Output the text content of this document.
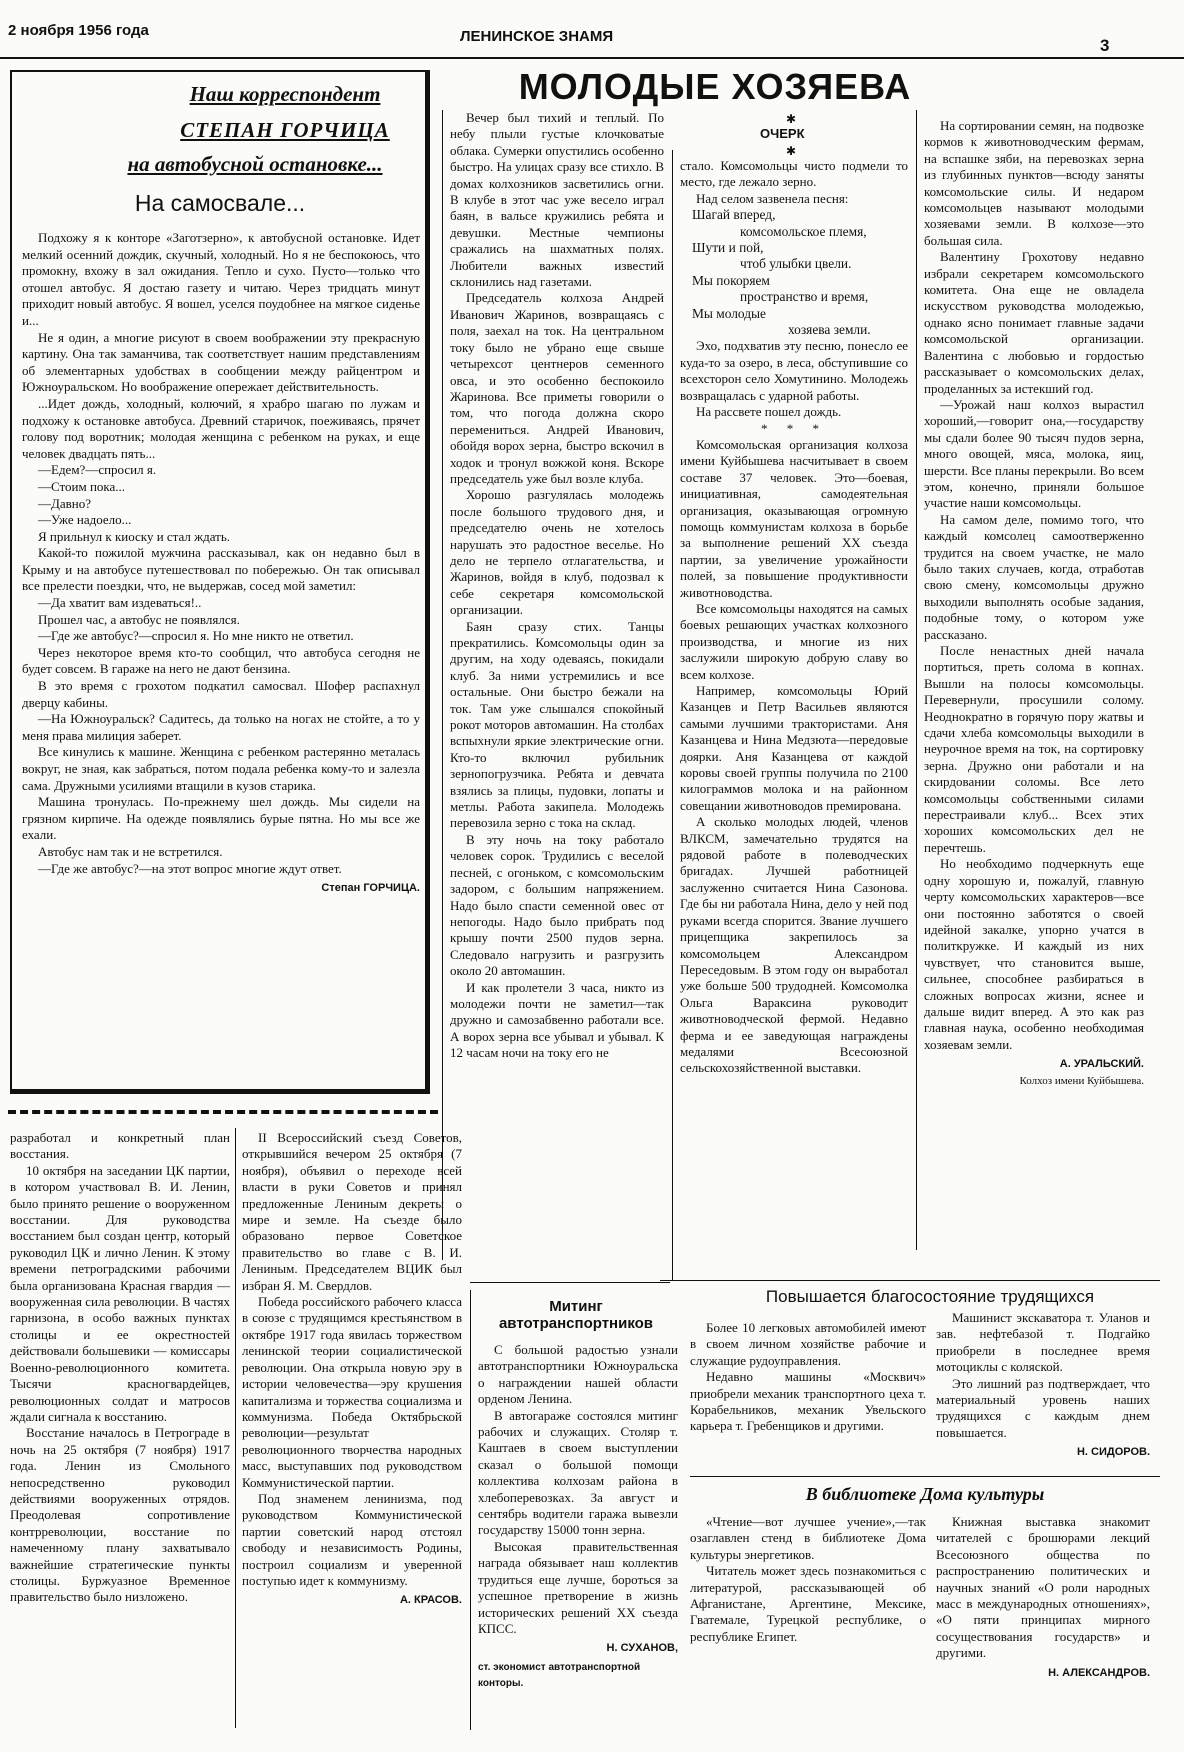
2 ноября 1956 года	ЛЕНИНСКОЕ ЗНАМЯ	3
Наш корреспондент
СТЕПАН ГОРЧИЦА
на автобусной остановке...
На самосвале...

Подхожу я к конторе «Заготзерно», к автобусной остановке. Идет мелкий осенний дождик, скучный, холодный. Но я не беспокоюсь, что промокну, вхожу в зал ожидания. Тепло и сухо. Пусто—только что отошел автобус. Я достаю газету и читаю. Через тридцать минут приходит новый автобус. Я вошел, уселся поудобнее на мягкое сиденье и...

Не я один, а многие рисуют в своем воображении эту прекрасную картину. Она так заманчива, так соответствует нашим представлениям об элементарных удобствах в сообщении между райцентром и Южноуральском. Но воображение опережает действительность.

...Идет дождь, холодный, колючий, я храбро шагаю по лужам и подхожу к остановке автобуса. Древний старичок, поеживаясь, прячет голову под воротник; молодая женщина с ребенком на руках, и еще человек двадцать пять...

—Едем?—спросил я.

—Стоим пока...

—Давно?

—Уже надоело...

Я прильнул к киоску и стал ждать.

Какой-то пожилой мужчина рассказывал, как он недавно был в Крыму и на автобусе путешествовал по побережью. Он так описывал все прелести поездки, что, не выдержав, сосед мой заметил:

—Да хватит вам издеваться!..

Прошел час, а автобус не появлялся.

—Где же автобус?—спросил я. Но мне никто не ответил.

Через некоторое время кто-то сообщил, что автобуса сегодня не будет совсем. В гараже на него не дают бензина.

В это время с грохотом подкатил самосвал. Шофер распахнул дверцу кабины.

—На Южноуральск? Садитесь, да только на ногах не стойте, а то у меня права милиция заберет.

Все кинулись к машине. Женщина с ребенком растерянно металась вокруг, не зная, как забраться, потом подала ребенка кому-то и залезла сама. Дружными усилиями втащили в кузов старика.

Машина тронулась. По-прежнему шел дождь. Мы сидели на грязном кирпиче. На одежде появлялись бурые пятна. Но мы все же ехали.

Автобус нам так и не встретился.

—Где же автобус?—на этот вопрос многие ждут ответ.

Степан ГОРЧИЦА.
МОЛОДЫЕ ХОЗЯЕВА
ОЧЕРК
✱
✱

Вечер был тихий и теплый. По небу плыли густые клочковатые облака. Сумерки опустились особенно быстро. На улицах сразу все стихло. В домах колхозников засветились огни. В клубе в этот час уже весело играл баян, в вальсе кружились ребята и девушки. Местные чемпионы сражались на шахматных полях. Любители важных известий склонились над газетами.

Председатель колхоза Андрей Иванович Жаринов, возвращаясь с поля, заехал на ток. На центральном току было не убрано еще свыше четырехсот центнеров семенного овса, и это особенно беспокоило Жаринова. Все приметы говорили о том, что погода должна скоро перемениться. Андрей Иванович, обойдя ворох зерна, быстро вскочил в ходок и тронул вожжой коня. Вскоре председатель уже был возле клуба.

Хорошо разгулялась молодежь после большого трудового дня, и председателю очень не хотелось нарушать это радостное веселье. Но дело не терпело отлагательства, и Жаринов, войдя в клуб, подозвал к себе секретаря комсомольской организации.

Баян сразу стих. Танцы прекратились. Комсомольцы один за другим, на ходу одеваясь, покидали клуб. За ними устремились и все остальные. Они быстро бежали на ток. Там уже слышался спокойный рокот моторов автомашин. На столбах вспыхнули яркие электрические огни. Кто-то включил рубильник зернопогрузчика. Ребята и девчата взялись за плицы, пудовки, лопаты и метлы. Работа закипела. Молодежь перевозила зерно с тока на склад.

В эту ночь на току работало человек сорок. Трудились с веселой песней, с огоньком, с комсомольским задором, с большим напряжением. Надо было спасти семенной овес от непогоды. Надо было прибрать под крышу почти 2500 пудов зерна. Следовало нагрузить и разгрузить около 20 автомашин.

И как пролетели 3 часа, никто из молодежи почти не заметил—так дружно и самозабвенно работали все. А ворох зерна все убывал и убывал. К 12 часам ночи на току его не

стало. Комсомольцы чисто подмели то место, где лежало зерно.

Над селом зазвенела песня:

Шагай вперед,
комсомольское племя,
Шути и пой,
чтоб улыбки цвели.
Мы покоряем
пространство и время,
Мы молодые
хозяева земли.

Эхо, подхватив эту песню, понесло ее куда-то за озеро, в леса, обступившие со всехсторон село Хомутинино. Молодежь возвращалась с ударной работы.

На рассвете пошел дождь.

* * *

Комсомольская организация колхоза имени Куйбышева насчитывает в своем составе 37 человек. Это—боевая, инициативная, самодеятельная организация, оказывающая огромную помощь коммунистам колхоза в борьбе за выполнение решений XX съезда партии, за увеличение урожайности полей, за повышение продуктивности животноводства.

Все комсомольцы находятся на самых боевых решающих участках колхозного производства, и многие из них заслужили широкую добрую славу во всем колхозе.

Например, комсомольцы Юрий Казанцев и Петр Васильев являются самыми лучшими трактористами. Аня Казанцева и Нина Медзюта—передовые доярки. Аня Казанцева от каждой коровы своей группы получила по 2100 килограммов молока и на районном совещании животноводов премирована.

А сколько молодых людей, членов ВЛКСМ, замечательно трудятся на рядовой работе в полеводческих бригадах. Лучшей работницей заслуженно считается Нина Сазонова. Где бы ни работала Нина, дело у ней под руками всегда спорится. Звание лучшего прицепщика закрепилось за комсомольцем Александром Переседовым. В этом году он выработал уже больше 500 трудодней. Комсомолка Ольга Вараксина руководит животноводческой фермой. Недавно ферма и ее заведующая награждены медалями Всесоюзной сельскохозяйственной выставки.

На сортировании семян, на подвозке кормов к животноводческим фермам, на вспашке зяби, на перевозках зерна из глубинных пунктов—всюду заняты комсомольские силы. И недаром комсомольцев называют молодыми хозяевами земли. В колхозе—это большая сила.

Валентину Грохотову недавно избрали секретарем комсомольского комитета. Она еще не овладела искусством руководства молодежью, однако ясно понимает главные задачи комсомольской организации. Валентина с любовью и гордостью рассказывает о комсомольских делах, проделанных за истекший год.

—Урожай наш колхоз вырастил хороший,—говорит она,—государству мы сдали более 90 тысяч пудов зерна, много овощей, мяса, молока, яиц, шерсти. Все планы перекрыли. Во всем этом, конечно, приняли большое участие наши комсомольцы.

На самом деле, помимо того, что каждый комсолец самоотверженно трудится на своем участке, не мало было таких случаев, когда, отработав свою смену, комсомольцы дружно выходили выполнять особые задания, подобные тому, о котором уже рассказано.

После ненастных дней начала портиться, преть солома в копнах. Вышли на полосы комсомольцы. Перевернули, просушили солому. Неоднократно в горячую пору жатвы и сдачи хлеба комсомольцы выходили в неурочное время на ток, на сортировку зерна. Дружно они работали и на скирдовании соломы. Все лето комсомольцы собственными силами перестраивали клуб... Всех этих хороших комсомольских дел не перечтешь.

Но необходимо подчеркнуть еще одну хорошую и, пожалуй, главную черту комсомольских характеров—все они постоянно заботятся о своей идейной закалке, упорно учатся в политкружке. И каждый из них чувствует, что становится выше, сильнее, способнее разбираться в сложных вопросах жизни, яснее и дальше видит вперед. А это как раз главная наука, особенно необходимая хозяевам земли.

А. УРАЛЬСКИЙ.
Колхоз имени Куйбышева.

разработал и конкретный план восстания.

10 октября на заседании ЦК партии, в котором участвовал В. И. Ленин, было принято решение о вооруженном восстании. Для руководства восстанием был создан центр, который руководил ЦК и лично Ленин. К этому времени петроградскими рабочими была организована Красная гвардия — вооруженная сила революции. В частях гарнизона, в особо важных пунктах столицы и ее окрестностей действовали большевики — комиссары Военно-революционного комитета. Тысячи красногвардейцев, революционных солдат и матросов ждали сигнала к восстанию.

Восстание началось в Петрограде в ночь на 25 октября (7 ноября) 1917 года. Ленин из Смольного непосредственно руководил действиями вооруженных отрядов. Преодолевая сопротивление контрреволюции, восстание по намеченному плану захватывало важнейшие стратегические пункты столицы. Буржуазное Временное правительство было низложено.

II Всероссийский съезд Советов, открывшийся вечером 25 октября (7 ноября), объявил о переходе всей власти в руки Советов и принял предложенные Лениным декреты о мире и земле. На съезде было образовано первое Советское правительство во главе с В. И. Лениным. Председателем ВЦИК был избран Я. М. Свердлов.

Победа российского рабочего класса в союзе с трудящимся крестьянством в октябре 1917 года явилась торжеством ленинской теории социалистической революции. Она открыла новую эру в истории человечества—эру крушения капитализма и торжества социализма и коммунизма. Победа Октябрьской революции—результат революционного творчества народных масс, выступавших под руководством Коммунистической партии.

Под знаменем ленинизма, под руководством Коммунистической партии советский народ отстоял свободу и независимость Родины, построил социализм и уверенной поступью идет к коммунизму.

А. КРАСОВ.
Митинг
автотранспортников

С большой радостью узнали автотранспортники Южноуральска о награждении нашей области орденом Ленина.

В автогараже состоялся митинг рабочих и служащих. Столяр т. Каштаев в своем выступлении сказал о большой помощи коллектива колхозам района в хлебоперевозках. За август и сентябрь водители гаража вывезли государству 15000 тонн зерна.

Высокая правительственная награда обязывает наш коллектив трудиться еще лучше, бороться за успешное претворение в жизнь исторических решений XX съезда КПСС.

Н. СУХАНОВ,
ст. экономист автотранспортной конторы.
Повышается благосостояние трудящихся

Более 10 легковых автомобилей имеют в своем личном хозяйстве рабочие и служащие рудоуправления.

Недавно машины «Москвич» приобрели механик транспортного цеха т. Корабельников, механик Увельского карьера т. Гребенщиков и другими.

Машинист экскаватора т. Уланов и зав. нефтебазой т. Подгайко приобрели в последнее время мотоциклы с коляской.

Это лишний раз подтверждает, что материальный уровень наших трудящихся с каждым днем повышается.

Н. СИДОРОВ.
В библиотеке Дома культуры

«Чтение—вот лучшее учение»,—так озаглавлен стенд в библиотеке Дома культуры энергетиков.

Читатель может здесь познакомиться с литературой, рассказывающей об Афганистане, Аргентине, Мексике, Гватемале, Турецкой республике, о республике Египет.

Книжная выставка знакомит читателей с брошюрами лекций Всесоюзного общества по распространению политических и научных знаний «О роли народных масс в международных отношениях», «О пяти принципах мирного сосуществования государств» и другими.

Н. АЛЕКСАНДРОВ.
